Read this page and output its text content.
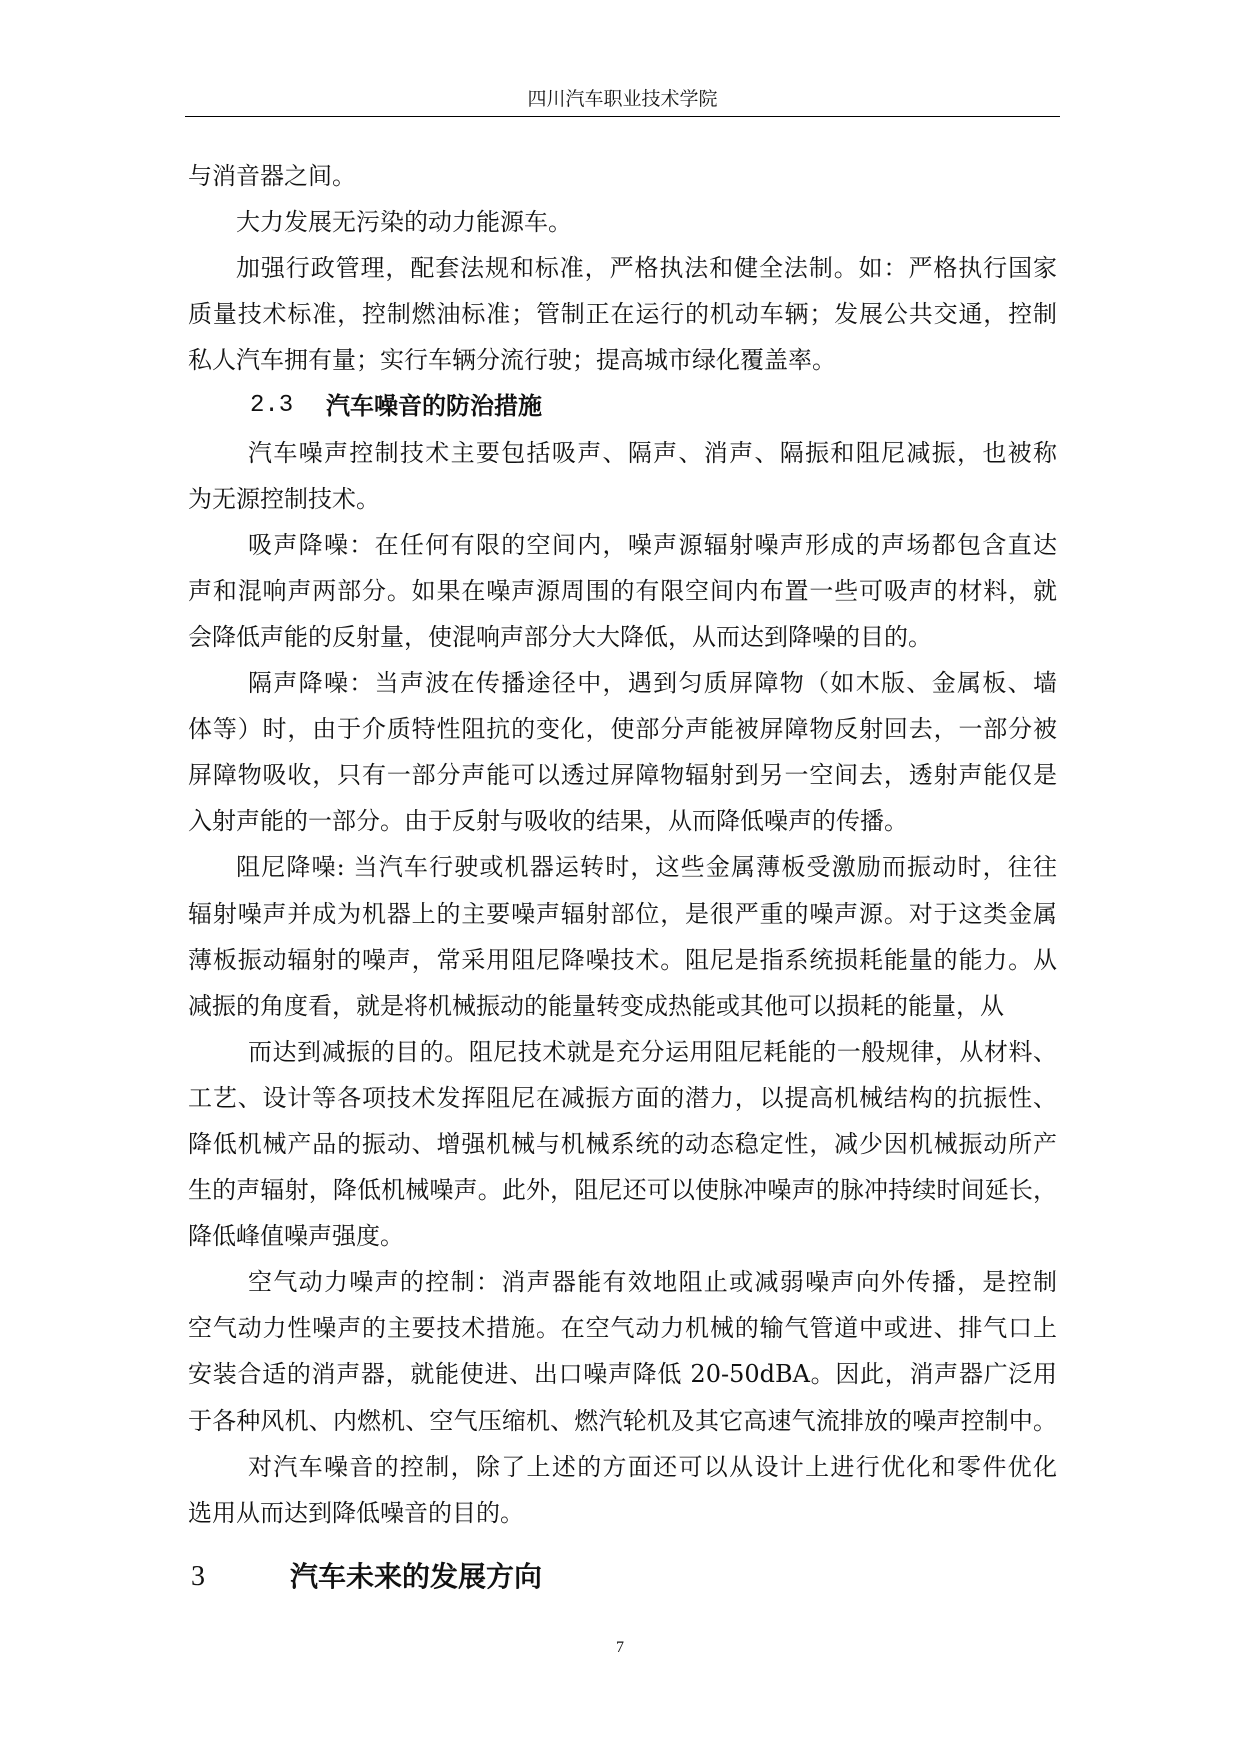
四川汽车职业技术学院
与消音器之间。
大力发展无污染的动力能源车。
加强行政管理，配套法规和标准，严格执法和健全法制。如：严格执行国家
质量技术标准，控制燃油标准；管制正在运行的机动车辆；发展公共交通，控制
私人汽车拥有量；实行车辆分流行驶；提高城市绿化覆盖率。
2.3 汽车噪音的防治措施
汽车噪声控制技术主要包括吸声、隔声、消声、隔振和阻尼减振，也被称
为无源控制技术。
吸声降噪：在任何有限的空间内，噪声源辐射噪声形成的声场都包含直达
声和混响声两部分。如果在噪声源周围的有限空间内布置一些可吸声的材料，就
会降低声能的反射量，使混响声部分大大降低，从而达到降噪的目的。
隔声降噪：当声波在传播途径中，遇到匀质屏障物（如木版、金属板、墙
体等）时，由于介质特性阻抗的变化，使部分声能被屏障物反射回去，一部分被
屏障物吸收，只有一部分声能可以透过屏障物辐射到另一空间去，透射声能仅是
入射声能的一部分。由于反射与吸收的结果，从而降低噪声的传播。
阻尼降噪: 当汽车行驶或机器运转时，这些金属薄板受激励而振动时，往往
辐射噪声并成为机器上的主要噪声辐射部位，是很严重的噪声源。对于这类金属
薄板振动辐射的噪声，常采用阻尼降噪技术。阻尼是指系统损耗能量的能力。从
减振的角度看，就是将机械振动的能量转变成热能或其他可以损耗的能量，从
而达到减振的目的。阻尼技术就是充分运用阻尼耗能的一般规律，从材料、
工艺、设计等各项技术发挥阻尼在减振方面的潜力，以提高机械结构的抗振性、
降低机械产品的振动、增强机械与机械系统的动态稳定性，减少因机械振动所产
生的声辐射，降低机械噪声。此外，阻尼还可以使脉冲噪声的脉冲持续时间延长，
降低峰值噪声强度。
空气动力噪声的控制：消声器能有效地阻止或减弱噪声向外传播，是控制
空气动力性噪声的主要技术措施。在空气动力机械的输气管道中或进、排气口上
安装合适的消声器，就能使进、出口噪声降低 20-50dBA。因此，消声器广泛用
于各种风机、内燃机、空气压缩机、燃汽轮机及其它高速气流排放的噪声控制中。
对汽车噪音的控制，除了上述的方面还可以从设计上进行优化和零件优化
选用从而达到降低噪音的目的。
3	汽车未来的发展方向
7
